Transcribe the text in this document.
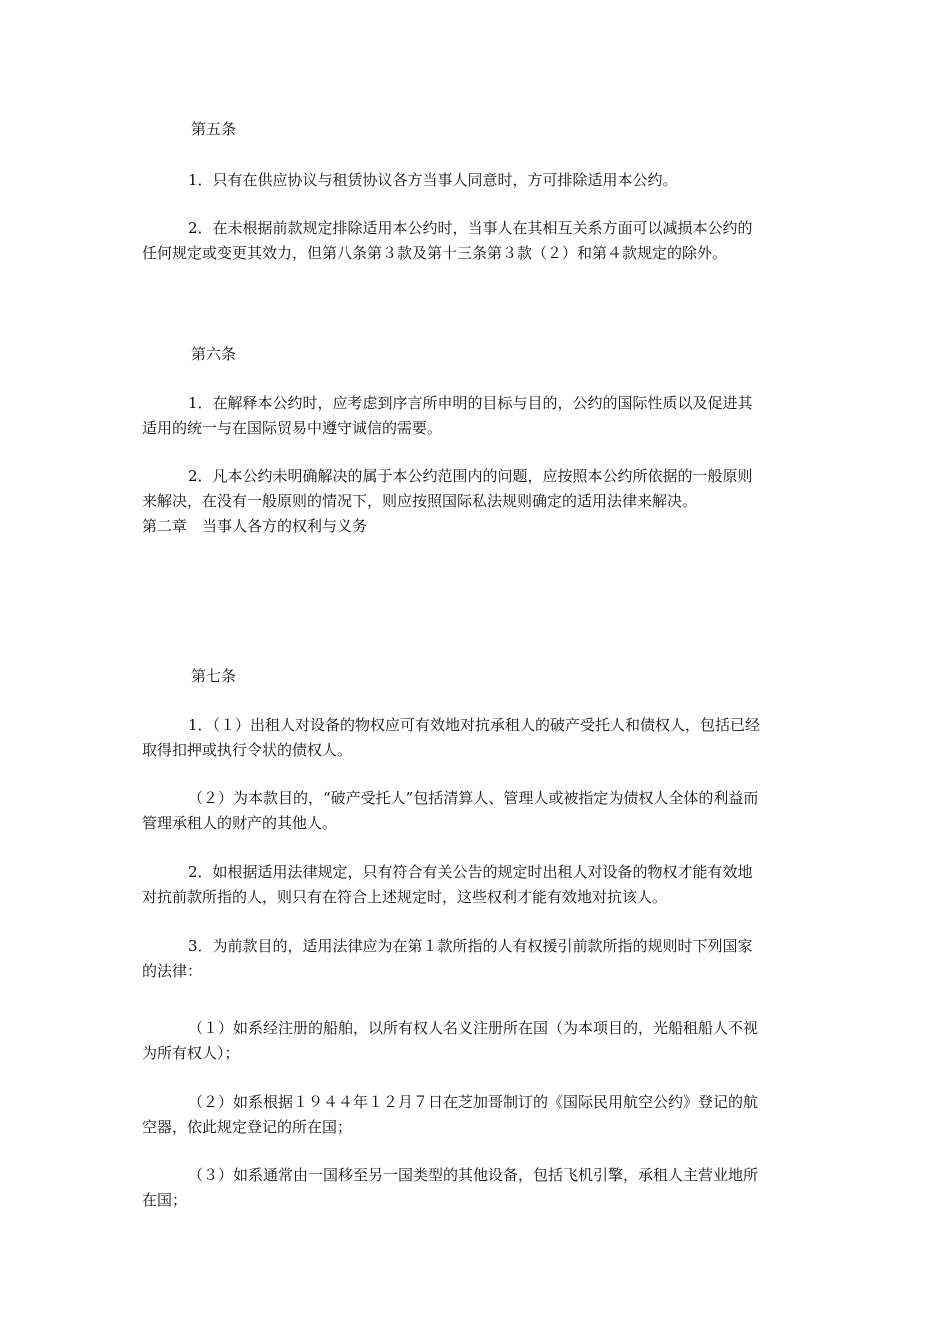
第五条
1．只有在供应协议与租赁协议各方当事人同意时，方可排除适用本公约。
2．在未根据前款规定排除适用本公约时，当事人在其相互关系方面可以减损本公约的
任何规定或变更其效力，但第八条第３款及第十三条第３款（２）和第４款规定的除外。
第六条
1．在解释本公约时，应考虑到序言所申明的目标与目的，公约的国际性质以及促进其
适用的统一与在国际贸易中遵守诚信的需要。
2．凡本公约未明确解决的属于本公约范围内的问题，应按照本公约所依据的一般原则
来解决，在没有一般原则的情况下，则应按照国际私法规则确定的适用法律来解决。
第二章　当事人各方的权利与义务
第七条
1．（１）出租人对设备的物权应可有效地对抗承租人的破产受托人和债权人，包括已经
取得扣押或执行令状的债权人。
（２）为本款目的，“破产受托人”包括清算人、管理人或被指定为债权人全体的利益而
管理承租人的财产的其他人。
2．如根据适用法律规定，只有符合有关公告的规定时出租人对设备的物权才能有效地
对抗前款所指的人，则只有在符合上述规定时，这些权利才能有效地对抗该人。
3．为前款目的，适用法律应为在第１款所指的人有权援引前款所指的规则时下列国家
的法律：
（１）如系经注册的船舶，以所有权人名义注册所在国（为本项目的，光船租船人不视
为所有权人）；
（２）如系根据１９４４年１２月７日在芝加哥制订的《国际民用航空公约》登记的航
空器，依此规定登记的所在国；
（３）如系通常由一国移至另一国类型的其他设备，包括飞机引擎，承租人主营业地所
在国；
